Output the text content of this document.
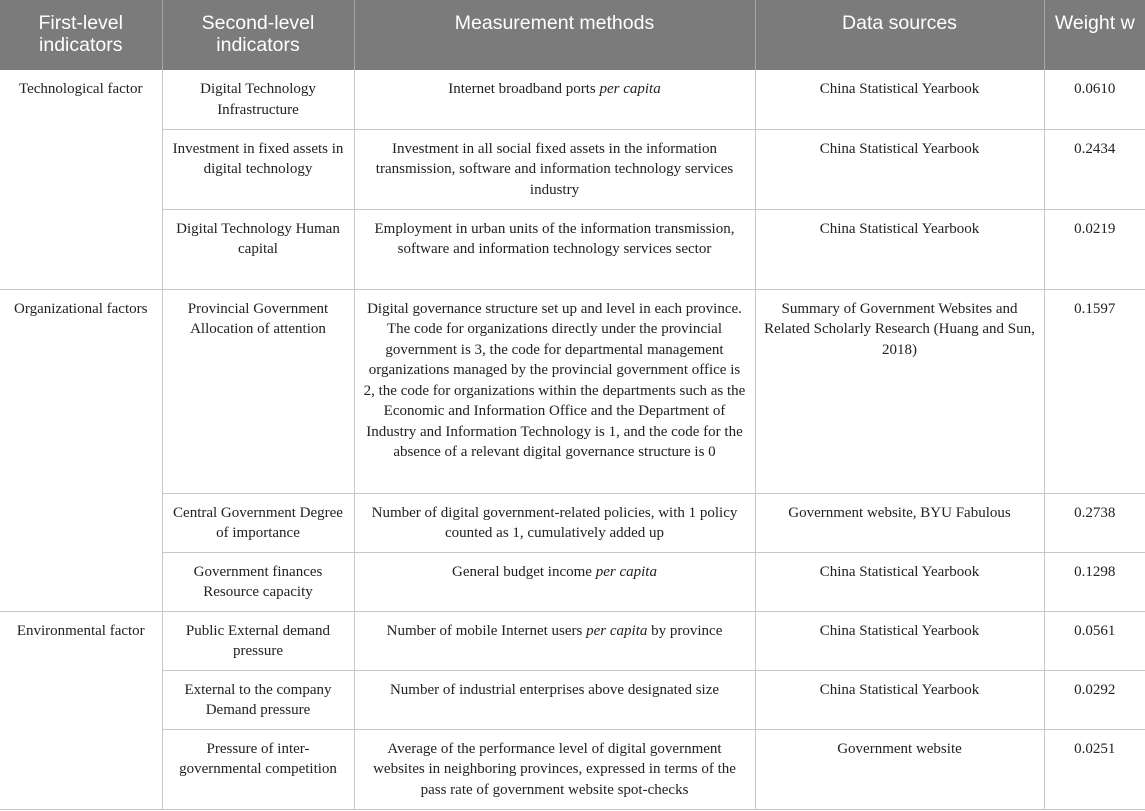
First-level indicators	Second-level indicators	Measurement methods	Data sources	Weight w

Technological factor	Digital Technology Infrastructure	Internet broadband ports per capita	China Statistical Yearbook	0.0610
	Investment in fixed assets in digital technology	Investment in all social fixed assets in the information transmission, software and information technology services industry	China Statistical Yearbook	0.2434
	Digital Technology Human capital	Employment in urban units of the information transmission, software and information technology services sector	China Statistical Yearbook	0.0219
Organizational factors	Provincial Government Allocation of attention	Digital governance structure set up and level in each province. The code for organizations directly under the provincial government is 3, the code for departmental management organizations managed by the provincial government office is 2, the code for organizations within the departments such as the Economic and Information Office and the Department of Industry and Information Technology is 1, and the code for the absence of a relevant digital governance structure is 0	Summary of Government Websites and Related Scholarly Research (Huang and Sun, 2018)	0.1597
	Central Government Degree of importance	Number of digital government-related policies, with 1 policy counted as 1, cumulatively added up	Government website, BYU Fabulous	0.2738
	Government finances Resource capacity	General budget income per capita	China Statistical Yearbook	0.1298
Environmental factor	Public External demand pressure	Number of mobile Internet users per capita by province	China Statistical Yearbook	0.0561
	External to the company Demand pressure	Number of industrial enterprises above designated size	China Statistical Yearbook	0.0292
	Pressure of inter-governmental competition	Average of the performance level of digital government websites in neighboring provinces, expressed in terms of the pass rate of government website spot-checks	Government website	0.0251
